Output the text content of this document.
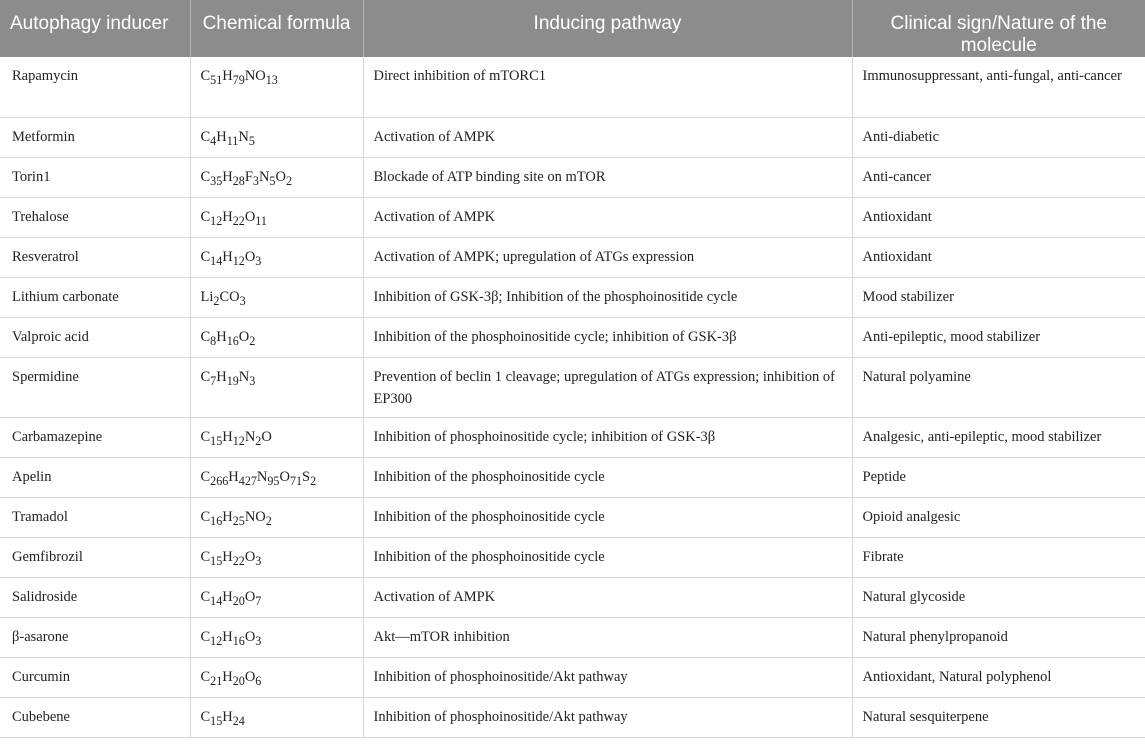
Autophagy inducer	Chemical formula	Inducing pathway	Clinical sign/Nature of the molecule
Rapamycin	$C_{51}H_{79}NO_{13}$	Direct inhibition of mTORC1	Immunosuppressant, anti-fungal, anti-cancer
Metformin	$C_4H_{11}N_5$	Activation of AMPK	Anti-diabetic
Torin1	$C_{35}H_{28}F_3N_5O_2$	Blockade of ATP binding site on mTOR	Anti-cancer
Trehalose	$C_{12}H_{22}O_{11}$	Activation of AMPK	Antioxidant
Resveratrol	$C_{14}H_{12}O_3$	Activation of AMPK; upregulation of ATGs expression	Antioxidant
Lithium carbonate	$Li_2CO_3$	Inhibition of GSK-3β; Inhibition of the phosphoinositide cycle	Mood stabilizer
Valproic acid	$C_8H_{16}O_2$	Inhibition of the phosphoinositide cycle; inhibition of GSK-3β	Anti-epileptic, mood stabilizer
Spermidine	$C_7H_{19}N_3$	Prevention of beclin 1 cleavage; upregulation of ATGs expression; inhibition of EP300	Natural polyamine
Carbamazepine	$C_{15}H_{12}N_2O$	Inhibition of phosphoinositide cycle; inhibition of GSK-3β	Analgesic, anti-epileptic, mood stabilizer
Apelin	$C_{266}H_{427}N_{95}O_{71}S_2$	Inhibition of the phosphoinositide cycle	Peptide
Tramadol	$C_{16}H_{25}NO_2$	Inhibition of the phosphoinositide cycle	Opioid analgesic
Gemfibrozil	$C_{15}H_{22}O_3$	Inhibition of the phosphoinositide cycle	Fibrate
Salidroside	$C_{14}H_{20}O_7$	Activation of AMPK	Natural glycoside
β-asarone	$C_{12}H_{16}O_3$	Akt—mTOR inhibition	Natural phenylpropanoid
Curcumin	$C_{21}H_{20}O_6$	Inhibition of phosphoinositide/Akt pathway	Antioxidant, Natural polyphenol
Cubebene	$C_{15}H_{24}$	Inhibition of phosphoinositide/Akt pathway	Natural sesquiterpene
